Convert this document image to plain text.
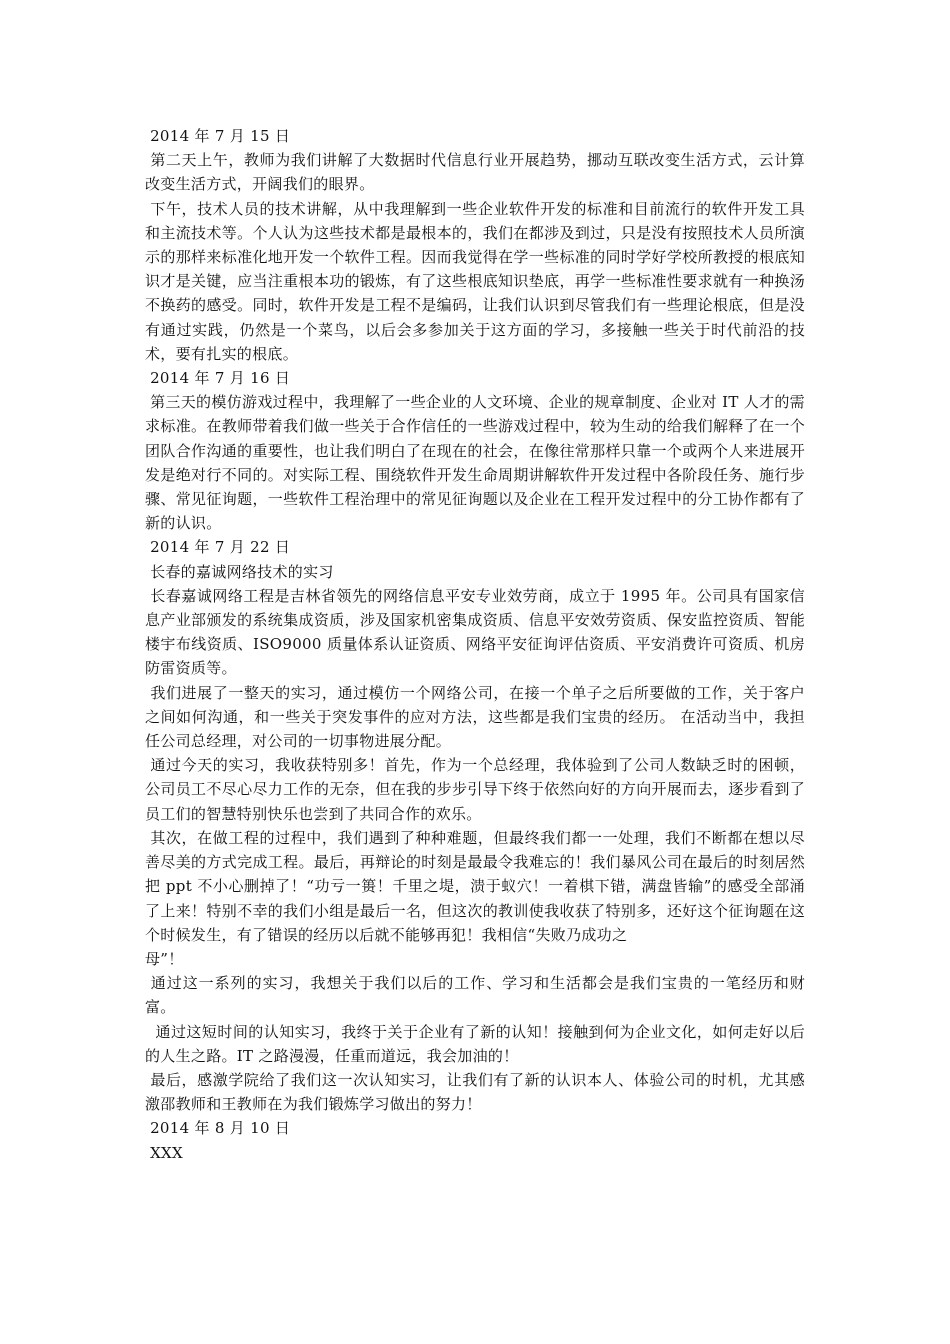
2014 年 7 月 15 日
第二天上午，教师为我们讲解了大数据时代信息行业开展趋势，挪动互联改变生活方式，云计算改变生活方式，开阔我们的眼界。
下午，技术人员的技术讲解，从中我理解到一些企业软件开发的标准和目前流行的软件开发工具和主流技术等。个人认为这些技术都是最根本的，我们在都涉及到过，只是没有按照技术人员所演示的那样来标准化地开发一个软件工程。因而我觉得在学一些标准的同时学好学校所教授的根底知识才是关键，应当注重根本功的锻炼，有了这些根底知识垫底，再学一些标准性要求就有一种换汤不换药的感受。同时，软件开发是工程不是编码，让我们认识到尽管我们有一些理论根底，但是没有通过实践，仍然是一个菜鸟，以后会多参加关于这方面的学习，多接触一些关于时代前沿的技术，要有扎实的根底。
2014 年 7 月 16 日
第三天的模仿游戏过程中，我理解了一些企业的人文环境、企业的规章制度、企业对 IT 人才的需求标准。在教师带着我们做一些关于合作信任的一些游戏过程中，较为生动的给我们解释了在一个团队合作沟通的重要性，也让我们明白了在现在的社会，在像往常那样只靠一个或两个人来进展开发是绝对行不同的。对实际工程、围绕软件开发生命周期讲解软件开发过程中各阶段任务、施行步骤、常见征询题，一些软件工程治理中的常见征询题以及企业在工程开发过程中的分工协作都有了新的认识。
2014 年 7 月 22 日
长春的嘉诚网络技术的实习
长春嘉诚网络工程是吉林省领先的网络信息平安专业效劳商，成立于 1995 年。公司具有国家信息产业部颁发的系统集成资质，涉及国家机密集成资质、信息平安效劳资质、保安监控资质、智能楼宇布线资质、ISO9000 质量体系认证资质、网络平安征询评估资质、平安消费许可资质、机房防雷资质等。
我们进展了一整天的实习，通过模仿一个网络公司，在接一个单子之后所要做的工作，关于客户之间如何沟通，和一些关于突发事件的应对方法，这些都是我们宝贵的经历。 在活动当中，我担任公司总经理，对公司的一切事物进展分配。
通过今天的实习，我收获特别多！首先，作为一个总经理，我体验到了公司人数缺乏时的困顿，公司员工不尽心尽力工作的无奈，但在我的步步引导下终于依然向好的方向开展而去，逐步看到了员工们的智慧特别快乐也尝到了共同合作的欢乐。
其次，在做工程的过程中，我们遇到了种种难题，但最终我们都一一处理，我们不断都在想以尽善尽美的方式完成工程。最后，再辩论的时刻是最最令我难忘的！我们暴风公司在最后的时刻居然把 ppt 不小心删掉了！“功亏一篑！千里之堤，溃于蚁穴！一着棋下错，满盘皆输”的感受全部涌了上来！特别不幸的我们小组是最后一名，但这次的教训使我收获了特别多，还好这个征询题在这个时候发生，有了错误的经历以后就不能够再犯！我相信“失败乃成功之
母”！
通过这一系列的实习，我想关于我们以后的工作、学习和生活都会是我们宝贵的一笔经历和财富。
通过这短时间的认知实习，我终于关于企业有了新的认知！接触到何为企业文化，如何走好以后的人生之路。IT 之路漫漫，任重而道远，我会加油的！
最后，感激学院给了我们这一次认知实习，让我们有了新的认识本人、体验公司的时机，尤其感激邵教师和王教师在为我们锻炼学习做出的努力！
2014 年 8 月 10 日
XXX
